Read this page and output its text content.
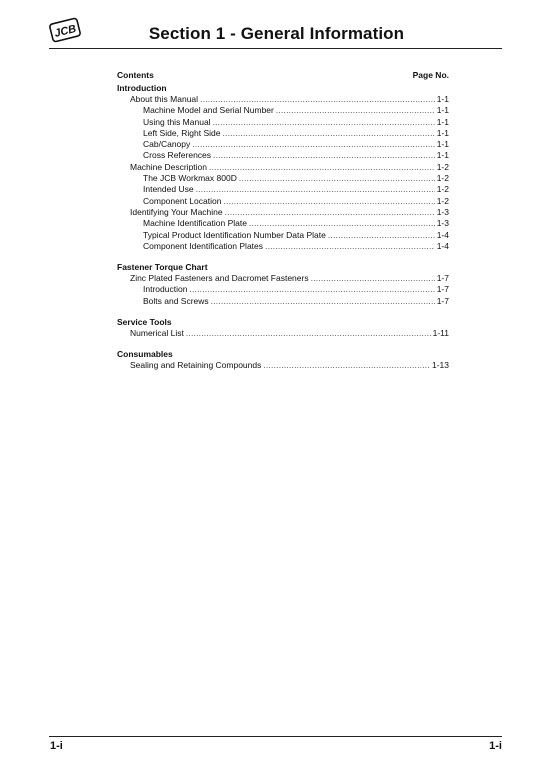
JCB	Section 1 - General Information
Contents	Page No.
Introduction
About this Manual .....	1-1
Machine Model and Serial Number .....	1-1
Using this Manual .....	1-1
Left Side, Right Side .....	1-1
Cab/Canopy .....	1-1
Cross References .....	1-1
Machine Description .....	1-2
The JCB Workmax 800D .....	1-2
Intended Use .....	1-2
Component Location .....	1-2
Identifying Your Machine .....	1-3
Machine Identification Plate .....	1-3
Typical Product Identification Number Data Plate .....	1-4
Component Identification Plates .....	1-4
Fastener Torque Chart
Zinc Plated Fasteners and Dacromet Fasteners .....	1-7
Introduction .....	1-7
Bolts and Screws .....	1-7
Service Tools
Numerical List .....	1-11
Consumables
Sealing and Retaining Compounds .....	1-13
1-i	1-i
